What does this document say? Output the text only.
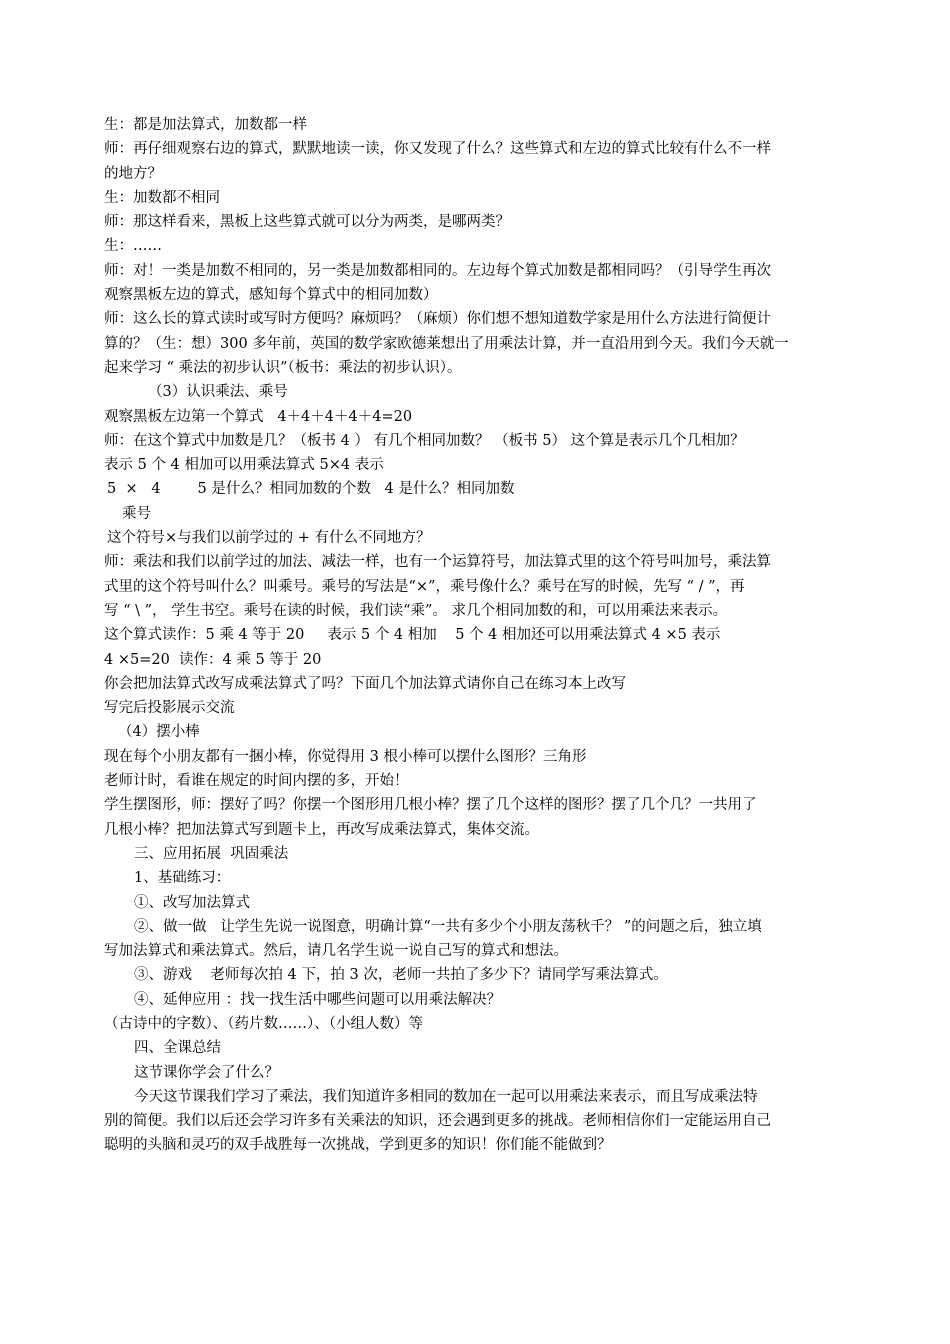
生：都是加法算式，加数都一样
师：再仔细观察右边的算式，默默地读一读，你又发现了什么？这些算式和左边的算式比较有什么不一样
的地方？
生：加数都不相同
师：那这样看来，黑板上这些算式就可以分为两类，是哪两类？
生：……
师：对！一类是加数不相同的，另一类是加数都相同的。左边每个算式加数是都相同吗？（引导学生再次
观察黑板左边的算式，感知每个算式中的相同加数）
师：这么长的算式读时或写时方便吗？麻烦吗？（麻烦）你们想不想知道数学家是用什么方法进行简便计
算的？（生：想）300 多年前，英国的数学家欧德莱想出了用乘法计算，并一直沿用到今天。我们今天就一
起来学习 “ 乘法的初步认识”（板书：乘法的初步认识）。
（3）认识乘法、乘号
观察黑板左边第一个算式   4＋4＋4＋4＋4=20
师：在这个算式中加数是几？（板书 4 ） 有几个相同加数？ （板书 5） 这个算是表示几个几相加？
表示 5 个 4 相加可以用乘法算式 5×4 表示
5  ×   4        5 是什么？相同加数的个数   4 是什么？相同加数
乘号
这个符号×与我们以前学过的 + 有什么不同地方？
师：乘法和我们以前学过的加法、减法一样，也有一个运算符号，加法算式里的这个符号叫加号，乘法算
式里的这个符号叫什么？叫乘号。乘号的写法是“×”，乘号像什么？乘号在写的时候，先写 “ / ”，再
写 “ \ ”， 学生书空。乘号在读的时候，我们读“乘”。 求几个相同加数的和，可以用乘法来表示。
这个算式读作：5 乘 4 等于 20     表示 5 个 4 相加    5 个 4 相加还可以用乘法算式 4 ×5 表示
4 ×5=20  读作：4 乘 5 等于 20
你会把加法算式改写成乘法算式了吗？下面几个加法算式请你自己在练习本上改写
写完后投影展示交流
（4）摆小棒
现在每个小朋友都有一捆小棒，你觉得用 3 根小棒可以摆什么图形？三角形
老师计时，看谁在规定的时间内摆的多，开始！
学生摆图形，师：摆好了吗？你摆一个图形用几根小棒？摆了几个这样的图形？摆了几个几？一共用了
几根小棒？把加法算式写到题卡上，再改写成乘法算式，集体交流。
三、应用拓展  巩固乘法
1、基础练习：
①、改写加法算式
②、做一做   让学生先说一说图意，明确计算“一共有多少个小朋友荡秋千？ ”的问题之后，独立填
写加法算式和乘法算式。然后，请几名学生说一说自己写的算式和想法。
③、游戏    老师每次拍 4 下，拍 3 次，老师一共拍了多少下？请同学写乘法算式。
④、延伸应用 ：找一找生活中哪些问题可以用乘法解决？
（古诗中的字数）、（药片数……）、（小组人数）等
四、全课总结
这节课你学会了什么？
今天这节课我们学习了乘法，我们知道许多相同的数加在一起可以用乘法来表示，而且写成乘法特
别的简便。我们以后还会学习许多有关乘法的知识，还会遇到更多的挑战。老师相信你们一定能运用自己
聪明的头脑和灵巧的双手战胜每一次挑战，学到更多的知识！你们能不能做到？
